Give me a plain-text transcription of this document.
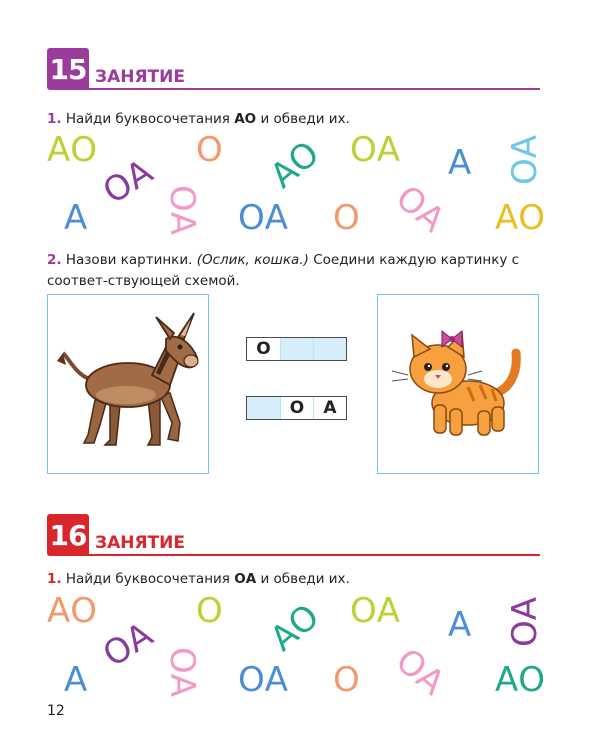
15 ЗАНЯТИЕ
1. Найди буквосочетания АО и обведи их.
АО
ОА ОА
О АО ОА
ОА
А ОА
А	ОА О	АО
2. Назови картинки. (Ослик, кошка.) Соедини каждую картинку с соответ-ствующей схемой.
О
О	А
16 ЗАНЯТИЕ
1. Найди буквосочетания ОА и обведи их.
АО
ОА ОА
О АО ОА
ОА
А ОА
А	ОА О	АО
12
